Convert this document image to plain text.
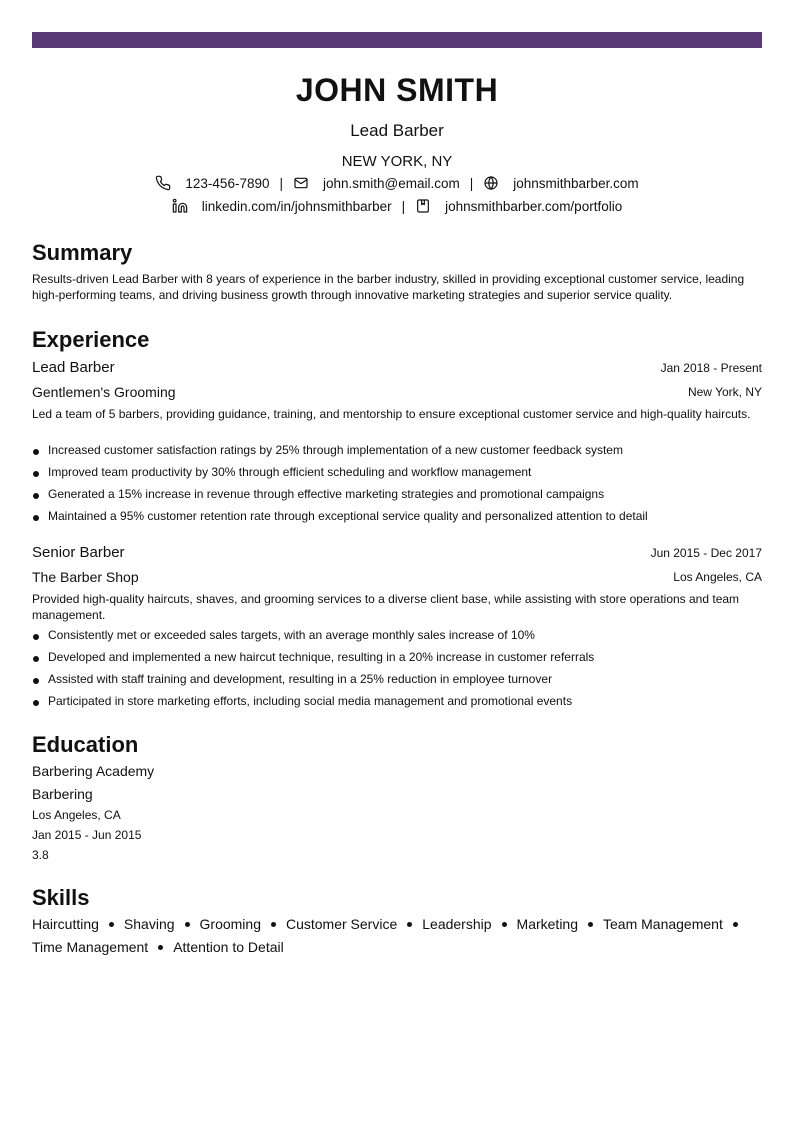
JOHN SMITH
Lead Barber
NEW YORK, NY
123-456-7890 |	john.smith@email.com |	johnsmithbarber.com
linkedin.com/in/johnsmithbarber |	johnsmithbarber.com/portfolio
Summary
Results-driven Lead Barber with 8 years of experience in the barber industry, skilled in providing exceptional customer service, leading high-performing teams, and driving business growth through innovative marketing strategies and superior service quality.
Experience
Lead Barber	Jan 2018 - Present
Gentlemen's Grooming	New York, NY
Led a team of 5 barbers, providing guidance, training, and mentorship to ensure exceptional customer service and high-quality haircuts.
Increased customer satisfaction ratings by 25% through implementation of a new customer feedback system
Improved team productivity by 30% through efficient scheduling and workflow management
Generated a 15% increase in revenue through effective marketing strategies and promotional campaigns
Maintained a 95% customer retention rate through exceptional service quality and personalized attention to detail
Senior Barber	Jun 2015 - Dec 2017
The Barber Shop	Los Angeles, CA
Provided high-quality haircuts, shaves, and grooming services to a diverse client base, while assisting with store operations and team management.
Consistently met or exceeded sales targets, with an average monthly sales increase of 10%
Developed and implemented a new haircut technique, resulting in a 20% increase in customer referrals
Assisted with staff training and development, resulting in a 25% reduction in employee turnover
Participated in store marketing efforts, including social media management and promotional events
Education
Barbering Academy
Barbering
Los Angeles, CA
Jan 2015 - Jun 2015
3.8
Skills
Haircutting Shaving Grooming Customer Service Leadership Marketing Team Management
Time Management Attention to Detail
